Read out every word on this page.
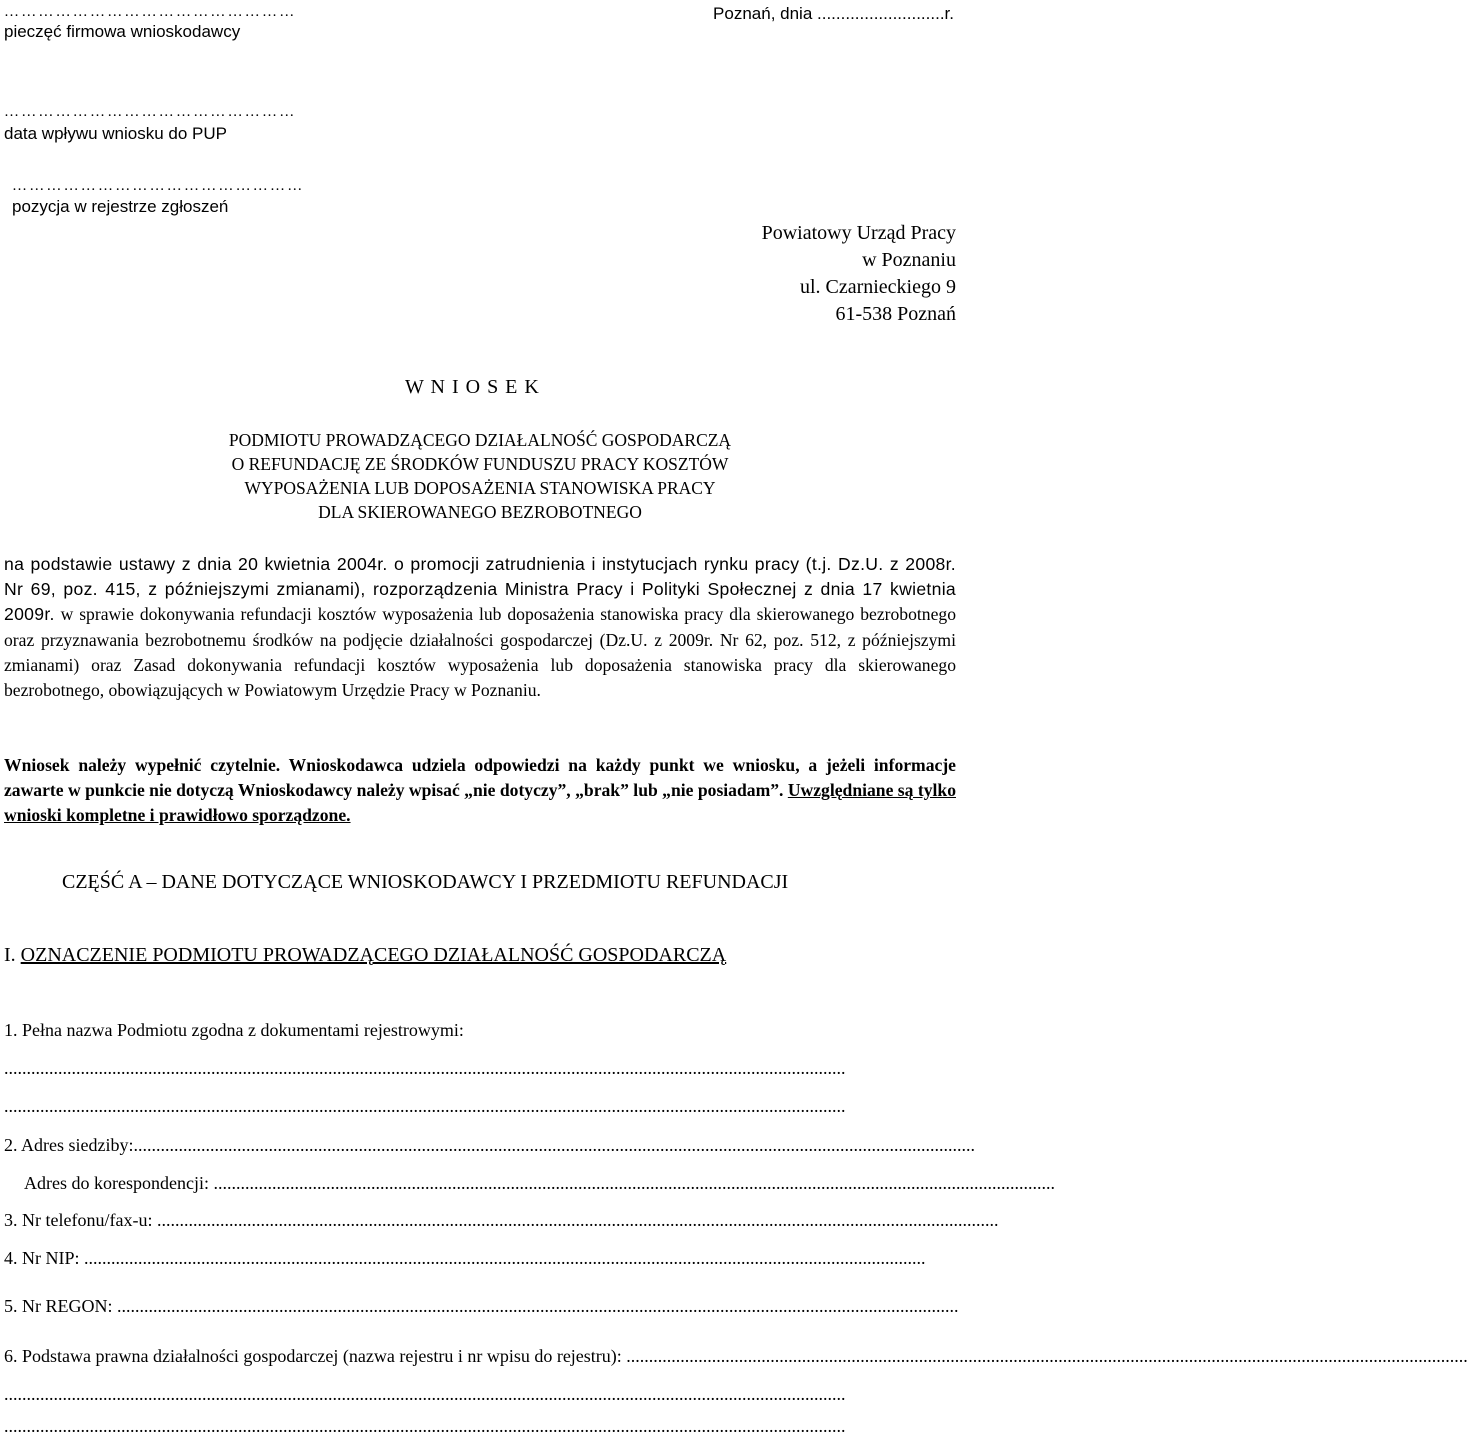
……………………………………………
pieczęć firmowa wnioskodawcy
Poznań, dnia ...........................r.
……………………………………………
data wpływu wniosku do PUP
……………………………………………
pozycja w rejestrze zgłoszeń
Powiatowy Urząd Pracy
w Poznaniu
ul. Czarnieckiego 9
61-538 Poznań
W N I O S E K
PODMIOTU PROWADZĄCEGO DZIAŁALNOŚĆ GOSPODARCZĄ
O REFUNDACJĘ ZE ŚRODKÓW FUNDUSZU PRACY KOSZTÓW
WYPOSAŻENIA LUB DOPOSAŻENIA STANOWISKA PRACY
DLA SKIEROWANEGO BEZROBOTNEGO
na podstawie ustawy z dnia 20 kwietnia 2004r. o promocji zatrudnienia i instytucjach rynku pracy (t.j. Dz.U. z 2008r. Nr 69, poz. 415, z późniejszymi zmianami), rozporządzenia Ministra Pracy i Polityki Społecznej z dnia 17 kwietnia 2009r. w sprawie dokonywania refundacji kosztów wyposażenia lub doposażenia stanowiska pracy dla skierowanego bezrobotnego oraz przyznawania bezrobotnemu środków na podjęcie działalności gospodarczej (Dz.U. z 2009r. Nr 62, poz. 512, z późniejszymi zmianami) oraz Zasad dokonywania refundacji kosztów wyposażenia lub doposażenia stanowiska pracy dla skierowanego bezrobotnego, obowiązujących w Powiatowym Urzędzie Pracy w Poznaniu.
Wniosek należy wypełnić czytelnie. Wnioskodawca udziela odpowiedzi na każdy punkt we wniosku, a jeżeli informacje zawarte w punkcie nie dotyczą Wnioskodawcy należy wpisać „nie dotyczy”, „brak” lub „nie posiadam”. Uwzględniane są tylko wnioski kompletne i prawidłowo sporządzone.
CZĘŚĆ A – DANE DOTYCZĄCE WNIOSKODAWCY I PRZEDMIOTU REFUNDACJI
I. OZNACZENIE PODMIOTU PROWADZĄCEGO DZIAŁALNOŚĆ GOSPODARCZĄ
1. Pełna nazwa Podmiotu zgodna z dokumentami rejestrowymi:
...........................................................................................................................................................................................
...........................................................................................................................................................................................
2. Adres siedziby:...........................................................................................................................................................................................
Adres do korespondencji: ...........................................................................................................................................................................................
3. Nr telefonu/fax-u: ...........................................................................................................................................................................................
4. Nr NIP: ...........................................................................................................................................................................................
5. Nr REGON: ...........................................................................................................................................................................................
6. Podstawa prawna działalności gospodarczej (nazwa rejestru i nr wpisu do rejestru): ...........................................................................................................................................................................................
...........................................................................................................................................................................................
...........................................................................................................................................................................................
